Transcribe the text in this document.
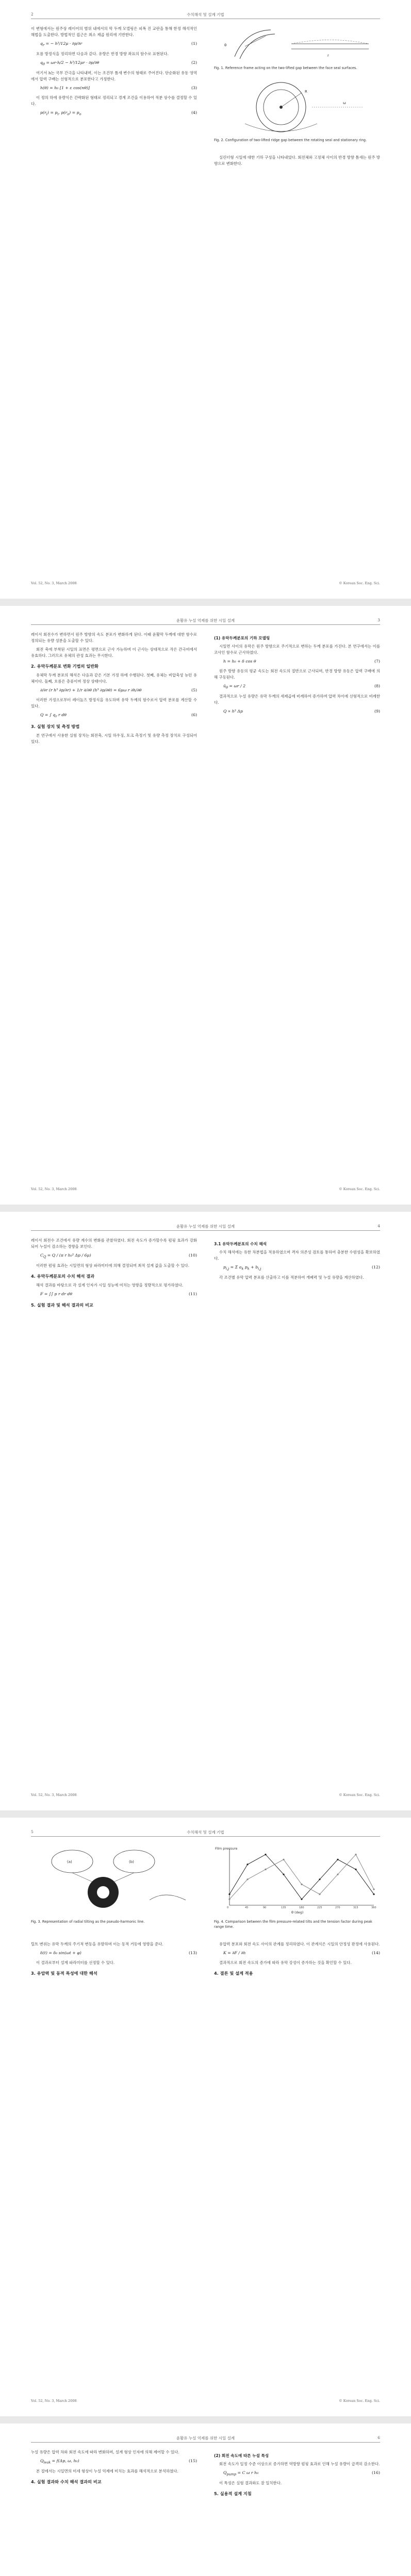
2	수치해석 및 설계 기법

이 변형에서는 원주상 레이어의 범위 내에서의 막 두께 모델링은 피폭 진 교란을 통해 한정 해석적인 해법을 도출한다. 방법적인 접근은 최소 제곱 원리에 기반한다.

$q_r$ = − h³/12μ · ∂p/∂r	(1)

흐름 방정식을 정리하면 다음과 같다. 유량은 반경 방향 좌표의 함수로 표현된다.

$q_\theta = \omega r\cdot h/2 - h^3/12\mu r \cdot \partial p/\partial\theta$	(2)

여기서 h는 국부 간극을 나타내며, 이는 조건부 틈새 변수의 형태로 주어진다. 단순화된 유동 영역에서 압력 구배는 선형적으로 분포한다고 가정한다.

h(θ) = h₀ [1 + ε cos(nθ)]	(3)

이 정의 하에 유량식은 간략화된 형태로 정리되고 경계 조건을 이용하여 적분 상수를 결정할 수 있다.

$p(r_i) = p_i$, $p(r_o) = p_o$	(4)
r
θ
Fig. 1. Reference frame acting on the two-lifted gap between the face seal surfaces.
R
ω
Fig. 2. Configuration of two-lifted ridge gap between the rotating seal and stationary ring.

실린더형 시일에 대한 기하 구성을 나타내었다. 회전체와 고정체 사이의 반경 방향 틈새는 원주 방향으로 변화한다.

Vol. 52, No. 3, March 2008	© Korean Soc. Eng. Sci.
윤활유 누설 억제를 위한 시일 설계	3

레이서 회전수가 변하면서 원주 방향의 속도 분포가 변화하게 된다. 이때 윤활막 두께에 대한 함수로 정의되는 유량 성분을 도출할 수 있다.

회전 축에 부착된 시일의 표면은 평면으로 근사 가능하며 이 근사는 상대적으로 작은 간극비에서 유효하다. 그러므로 유체의 관성 효과는 무시한다.

2. 유막두께분포 변화 기법의 일반화

유체막 두께 분포의 해석은 다음과 같은 기본 가정 하에 수행된다. 첫째, 유체는 비압축성 뉴턴 유체이다. 둘째, 흐름은 층류이며 정상 상태이다.

∂/∂r (r h³ ∂p/∂r) + 1/r ∂/∂θ (h³ ∂p/∂θ) = 6μω r ∂h/∂θ	(5)

이러한 가정으로부터 레이놀즈 방정식을 유도하며 유막 두께의 함수로서 압력 분포를 계산할 수 있다.

Q = ∫ $q_r$ r dθ	(6)
3. 실험 장치 및 측정 방법

본 연구에서 사용한 실험 장치는 회전축, 시일 하우징, 토크 측정기 및 유량 측정 장치로 구성되어 있다.

(1) 유막두께분포의 기하 모델링

시일면 사이의 유막은 원주 방향으로 주기적으로 변하는 두께 분포를 가진다. 본 연구에서는 이를 코사인 함수로 근사하였다.

h = h₀ + δ cos θ	(7)

원주 방향 유동의 평균 속도는 회전 속도의 절반으로 근사되며, 반경 방향 유동은 압력 구배에 의해 구동된다.

$ū_\theta = \omega r / 2$	(8)

결과적으로 누설 유량은 유막 두께의 세제곱에 비례하여 증가하며 압력 차이에 선형적으로 비례한다.

Q ∝ h³ Δp	(9)
Vol. 52, No. 3, March 2008	© Korean Soc. Eng. Sci.
윤활유 누설 억제를 위한 시일 설계	4

레이서 회전수 조건에서 유량 계수의 변화를 관찰하였다. 회전 속도가 증가할수록 펌핑 효과가 강화되어 누설이 감소하는 경향을 보인다.

$C_Q = Q / (\pi$ r h₀³ Δp / 6μ)	(10)

이러한 펌핑 효과는 시일면의 형상 파라미터에 의해 결정되며 최적 설계 값을 도출할 수 있다.

4. 유막두께분포의 수치 해석 결과

해석 결과를 바탕으로 각 설계 인자가 시일 성능에 미치는 영향을 정량적으로 평가하였다.

F = ∫∫ p r dr dθ	(11)
5. 실험 결과 및 해석 결과의 비교
3.1 유막두께분포의 수치 해석

수치 해석에는 유한 차분법을 적용하였으며 격자 의존성 검토를 통하여 충분한 수렴성을 확보하였다.

$p_{i,j} = \Sigma$ $a_k$ $p_k + b_{i,j}$	(12)

각 조건별 유막 압력 분포를 산출하고 이를 적분하여 개폐력 및 누설 유량을 계산하였다.

Vol. 52, No. 3, March 2008	© Korean Soc. Eng. Sci.
5	수치해석 및 설계 기법
(a)	(b)
Fig. 3. Representation of radial tilting as the pseudo-harmonic line.
θ (deg)
Film pressure
0	45	90	135	180	225	270	315	360
Fig. 4. Comparison between the film pressure-related tilts and the tension factor during peak range time.

틸트 변위는 유막 두께의 주기적 변동을 유발하며 이는 동적 거동에 영향을 준다.

δ(t) = δ₀ sin(ωt + φ)	(13)

이 결과로부터 설계 파라미터를 선정할 수 있다.

3. 유압력 및 동적 특성에 대한 해석

유압력 분포와 회전 속도 사이의 관계를 정리하였다. 이 관계식은 시일의 안정성 판정에 사용된다.

K = ∂F / ∂h	(14)

결과적으로 회전 속도의 증가에 따라 유막 강성이 증가하는 것을 확인할 수 있다.

4. 결론 및 설계 적용
Vol. 52, No. 3, March 2008	© Korean Soc. Eng. Sci.
윤활유 누설 억제를 위한 시일 설계	6

누설 유량은 압력 차와 회전 속도에 따라 변화하며, 설계 형상 인자에 의해 제어할 수 있다.

$Q_{leak} = f(\Delta p$, ω, h₀)	(15)

본 절에서는 시일면의 미세 형상이 누설 억제에 미치는 효과를 해석적으로 분석하였다.

4. 실험 결과와 수치 해석 결과의 비교
(2) 회전 속도에 따른 누설 특성

회전 속도가 일정 수준 이상으로 증가하면 역방향 펌핑 효과로 인해 누설 유량이 급격히 감소한다.

$Q_{pump} = C$ ω r h₀	(16)

이 특성은 실험 결과와도 잘 일치한다.

5. 실용적 설계 지침
